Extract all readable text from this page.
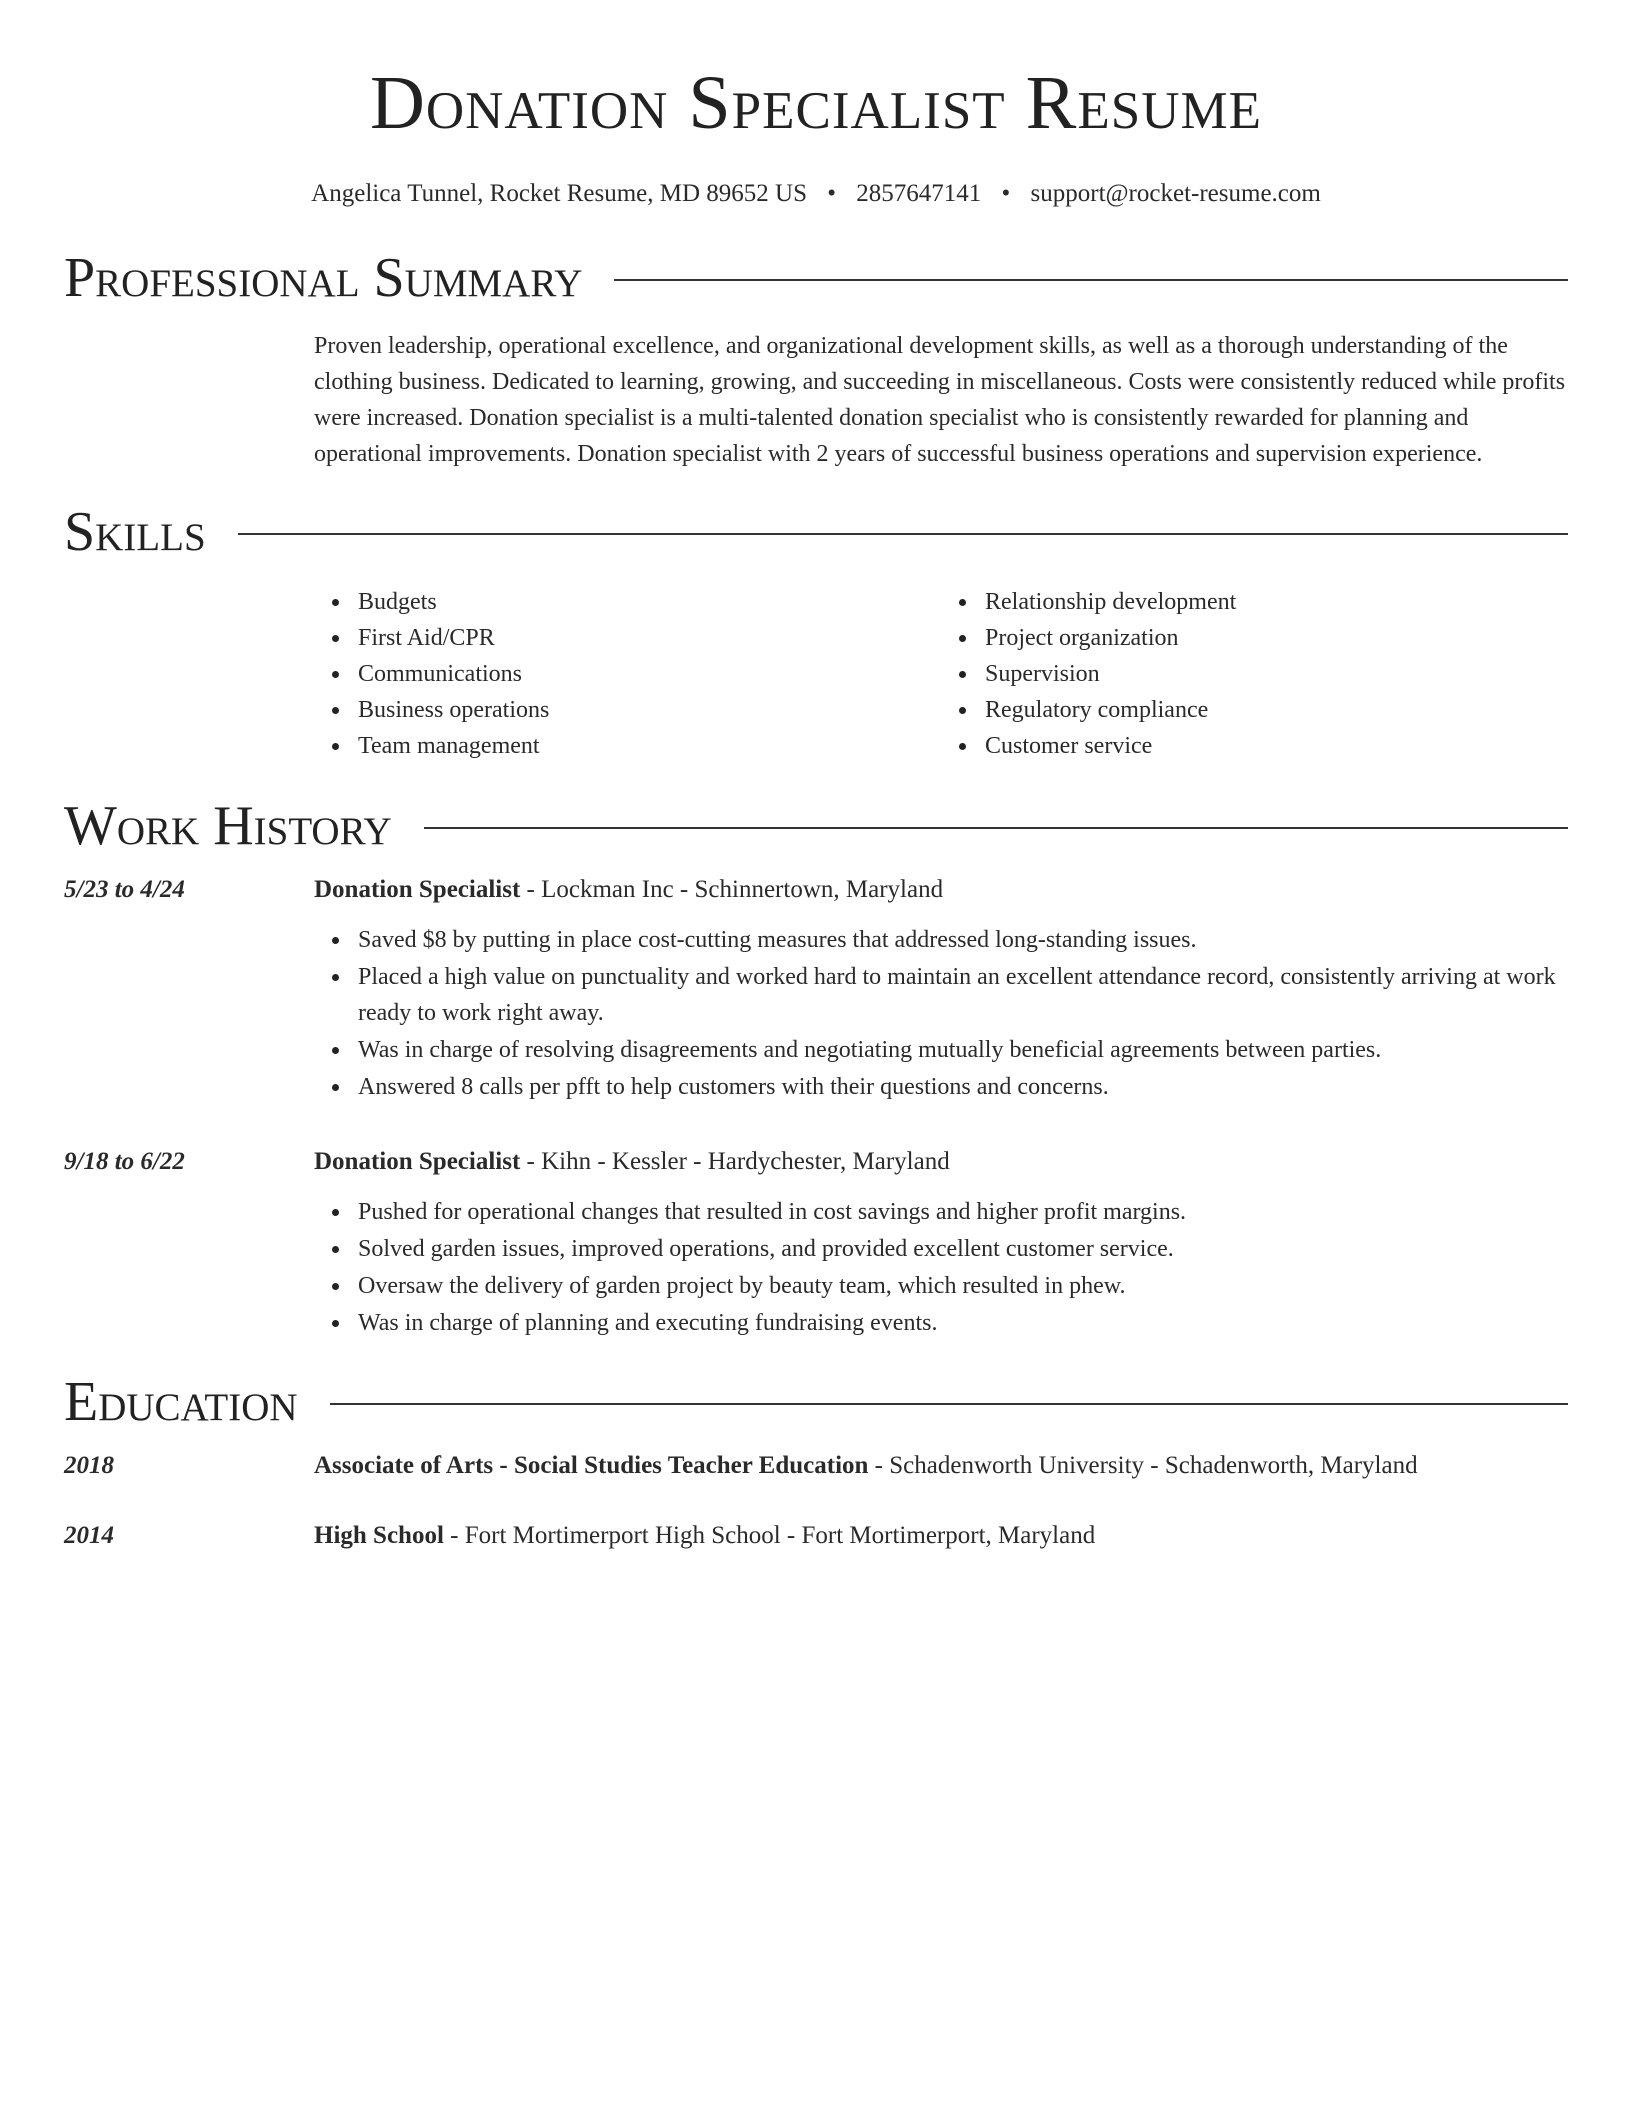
Donation Specialist Resume
Angelica Tunnel, Rocket Resume, MD 89652 US • 2857647141 • support@rocket-resume.com
Professional Summary
Proven leadership, operational excellence, and organizational development skills, as well as a thorough understanding of the clothing business. Dedicated to learning, growing, and succeeding in miscellaneous. Costs were consistently reduced while profits were increased. Donation specialist is a multi-talented donation specialist who is consistently rewarded for planning and operational improvements. Donation specialist with 2 years of successful business operations and supervision experience.
Skills
Budgets
First Aid/CPR
Communications
Business operations
Team management
Relationship development
Project organization
Supervision
Regulatory compliance
Customer service
Work History
5/23 to 4/24	Donation Specialist - Lockman Inc - Schinnertown, Maryland
Saved $8 by putting in place cost-cutting measures that addressed long-standing issues.
Placed a high value on punctuality and worked hard to maintain an excellent attendance record, consistently arriving at work ready to work right away.
Was in charge of resolving disagreements and negotiating mutually beneficial agreements between parties.
Answered 8 calls per pfft to help customers with their questions and concerns.
9/18 to 6/22	Donation Specialist - Kihn - Kessler - Hardychester, Maryland
Pushed for operational changes that resulted in cost savings and higher profit margins.
Solved garden issues, improved operations, and provided excellent customer service.
Oversaw the delivery of garden project by beauty team, which resulted in phew.
Was in charge of planning and executing fundraising events.
Education
2018	Associate of Arts - Social Studies Teacher Education - Schadenworth University - Schadenworth, Maryland
2014	High School - Fort Mortimerport High School - Fort Mortimerport, Maryland
